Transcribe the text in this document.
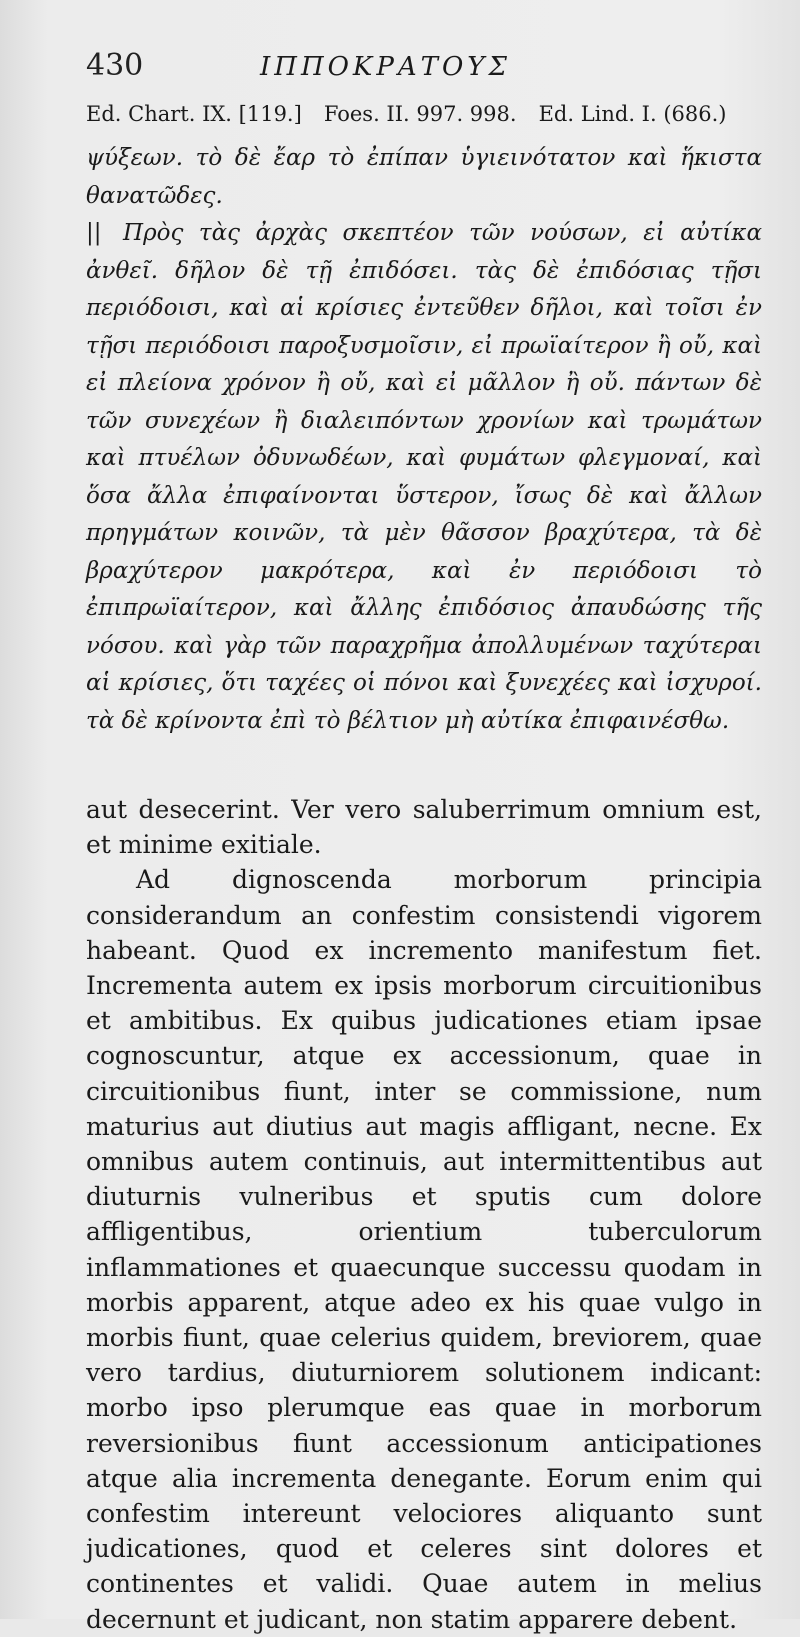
430	ΙΠΠΟΚΡΑΤΟΥΣ
Ed. Chart. IX. [119.] Foes. II. 997. 998. Ed. Lind. I. (686.)

ψύξεων. τὸ δὲ ἔαρ τὸ ἐπίπαν ὑγιεινότατον καὶ ἥκιστα θανατῶδες.

|| Πρὸς τὰς ἀρχὰς σκεπτέον τῶν νούσων, εἰ αὐτίκα ἀνθεῖ. δῆλον δὲ τῇ ἐπιδόσει. τὰς δὲ ἐπιδόσιας τῇσι περιόδοισι, καὶ αἱ κρίσιες ἐντεῦθεν δῆλοι, καὶ τοῖσι ἐν τῇσι περιόδοισι παροξυσμοῖσιν, εἰ πρωϊαίτερον ἢ οὔ, καὶ εἰ πλείονα χρόνον ἢ οὔ, καὶ εἰ μᾶλλον ἢ οὔ. πάντων δὲ τῶν συνεχέων ἢ διαλειπόντων χρονίων καὶ τρωμάτων καὶ πτυέλων ὀδυνωδέων, καὶ φυμάτων φλεγμοναί, καὶ ὅσα ἄλλα ἐπιφαίνονται ὕστερον, ἴσως δὲ καὶ ἄλλων πρηγμάτων κοινῶν, τὰ μὲν θᾶσσον βραχύτερα, τὰ δὲ βραχύτερον μακρότερα, καὶ ἐν περιόδοισι τὸ ἐπιπρωϊαίτερον, καὶ ἄλλης ἐπιδόσιος ἀπαυδώσης τῆς νόσου. καὶ γὰρ τῶν παραχρῆμα ἀπολλυμένων ταχύτεραι αἱ κρίσιες, ὅτι ταχέες οἱ πόνοι καὶ ξυνεχέες καὶ ἰσχυροί. τὰ δὲ κρίνοντα ἐπὶ τὸ βέλτιον μὴ αὐτίκα ἐπιφαινέσθω.

aut desecerint. Ver vero saluberrimum omnium est, et minime exitiale.

Ad dignoscenda morborum principia considerandum an confestim consistendi vigorem habeant. Quod ex incremento manifestum fiet. Incrementa autem ex ipsis morborum circuitionibus et ambitibus. Ex quibus judicationes etiam ipsae cognoscuntur, atque ex accessionum, quae in circuitionibus fiunt, inter se commissione, num maturius aut diutius aut magis affligant, necne. Ex omnibus autem continuis, aut intermittentibus aut diuturnis vulneribus et sputis cum dolore affligentibus, orientium tuberculorum inflammationes et quaecunque successu quodam in morbis apparent, atque adeo ex his quae vulgo in morbis fiunt, quae celerius quidem, breviorem, quae vero tardius, diuturniorem solutionem indicant: morbo ipso plerumque eas quae in morborum reversionibus fiunt accessionum anticipationes atque alia incrementa denegante. Eorum enim qui confestim intereunt velociores aliquanto sunt judicationes, quod et celeres sint dolores et continentes et validi. Quae autem in melius decernunt et judicant, non statim apparere debent.
